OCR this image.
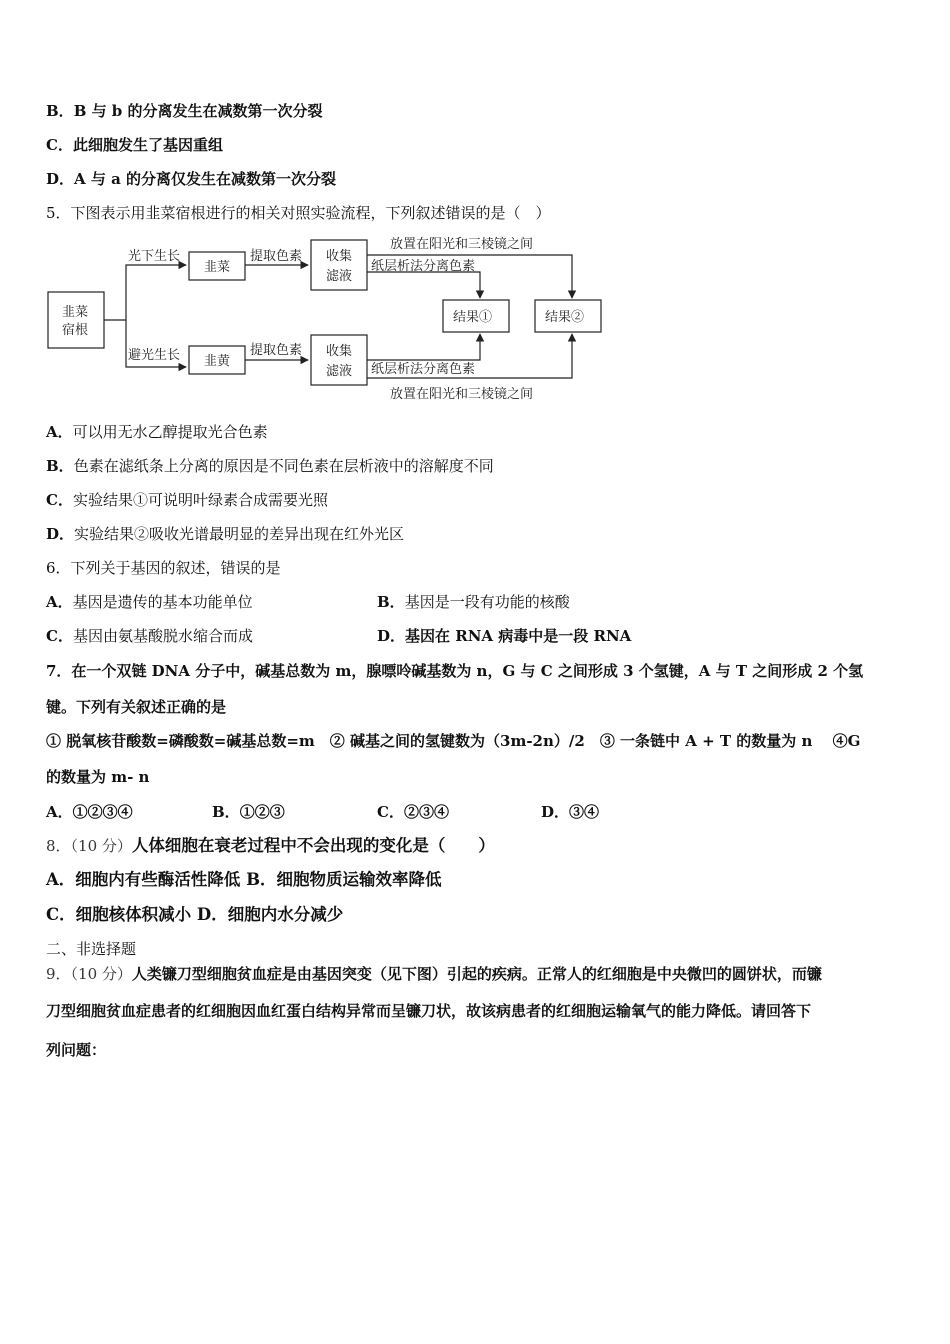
B．B 与 b 的分离发生在减数第一次分裂
C．此细胞发生了基因重组
D．A 与 a 的分离仅发生在减数第一次分裂
5．下图表示用韭菜宿根进行的相关对照实验流程，下列叙述错误的是（　）
韭菜
宿根
光下生长
避光生长
韭菜
韭黄
提取色素
提取色素
收集
滤液
收集
滤液
放置在阳光和三棱镜之间
纸层析法分离色素
纸层析法分离色素
放置在阳光和三棱镜之间
结果①	结果②
A．可以用无水乙醇提取光合色素
B．色素在滤纸条上分离的原因是不同色素在层析液中的溶解度不同
C．实验结果①可说明叶绿素合成需要光照
D．实验结果②吸收光谱最明显的差异出现在红外光区
6．下列关于基因的叙述，错误的是
A．基因是遗传的基本功能单位	B．基因是一段有功能的核酸
C．基因由氨基酸脱水缩合而成	D．基因在 RNA 病毒中是一段 RNA
7．在一个双链 DNA 分子中，碱基总数为 m，腺嘌呤碱基数为 n，G 与 C 之间形成 3 个氢键，A 与 T 之间形成 2 个氢
键。下列有关叙述正确的是
① 脱氧核苷酸数=磷酸数=碱基总数=m　② 碱基之间的氢键数为（3m-2n）/2　③ 一条链中 A + T 的数量为 n　 ④G
的数量为 m- n
A．①②③④	B．①②③	C．②③④	D．③④
8．（10 分）人体细胞在衰老过程中不会出现的变化是（　　）
A．细胞内有些酶活性降低 B．细胞物质运输效率降低
C．细胞核体积减小 D．细胞内水分减少
二、非选择题
9．（10 分）人类镰刀型细胞贫血症是由基因突变（见下图）引起的疾病。正常人的红细胞是中央微凹的圆饼状，而镰
刀型细胞贫血症患者的红细胞因血红蛋白结构异常而呈镰刀状，故该病患者的红细胞运输氧气的能力降低。请回答下
列问题：
